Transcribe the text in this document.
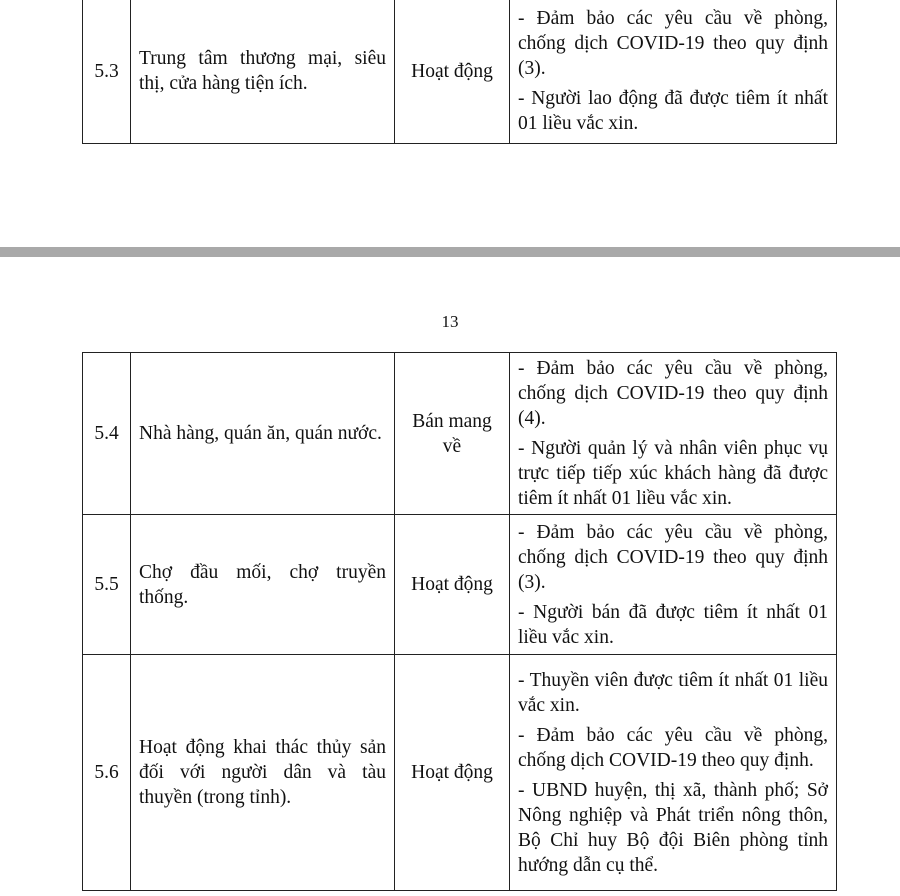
5.3	Trung tâm thương mại, siêu thị, cửa hàng tiện ích.	Hoạt động	

- Đảm bảo các yêu cầu về phòng, chống dịch COVID-19 theo quy định (3).

- Người lao động đã được tiêm ít nhất 01 liều vắc xin.

13
5.4	Nhà hàng, quán ăn, quán nước.	Bán mang về	- Đảm bảo các yêu cầu về phòng, chống dịch COVID-19 theo quy định (4).

- Người quản lý và nhân viên phục vụ trực tiếp tiếp xúc khách hàng đã được tiêm ít nhất 01 liều vắc xin.

5.5	Chợ đầu mối, chợ truyền thống.	Hoạt động	- Đảm bảo các yêu cầu về phòng, chống dịch COVID-19 theo quy định (3).

- Người bán đã được tiêm ít nhất 01 liều vắc xin.

5.6	Hoạt động khai thác thủy sản đối với người dân và tàu thuyền (trong tỉnh).	Hoạt động	- Thuyền viên được tiêm ít nhất 01 liều vắc xin.

- Đảm bảo các yêu cầu về phòng, chống dịch COVID-19 theo quy định.

- UBND huyện, thị xã, thành phố; Sở Nông nghiệp và Phát triển nông thôn, Bộ Chỉ huy Bộ đội Biên phòng tỉnh hướng dẫn cụ thể.
